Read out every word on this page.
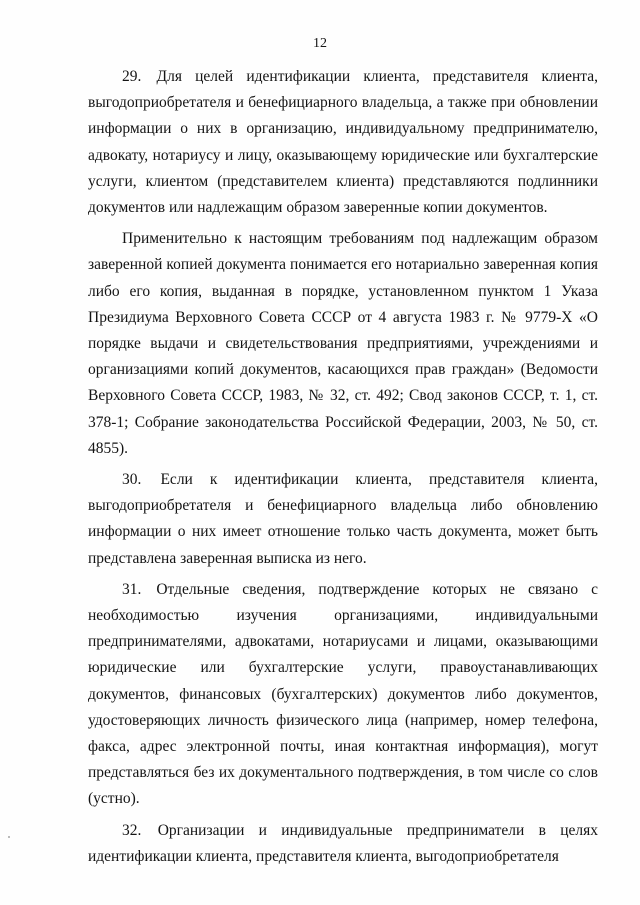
12

29. Для целей идентификации клиента, представителя клиента, выгодоприобретателя и бенефициарного владельца, а также при обновлении информации о них в организацию, индивидуальному предпринимателю, адвокату, нотариусу и лицу, оказывающему юридические или бухгалтерские услуги, клиентом (представителем клиента) представляются подлинники документов или надлежащим образом заверенные копии документов.

Применительно к настоящим требованиям под надлежащим образом заверенной копией документа понимается его нотариально заверенная копия либо его копия, выданная в порядке, установленном пунктом 1 Указа Президиума Верховного Совета СССР от 4 августа 1983 г. № 9779-Х «О порядке выдачи и свидетельствования предприятиями, учреждениями и организациями копий документов, касающихся прав граждан» (Ведомости Верховного Совета СССР, 1983, № 32, ст. 492; Свод законов СССР, т. 1, ст. 378-1; Собрание законодательства Российской Федерации, 2003, № 50, ст. 4855).

30. Если к идентификации клиента, представителя клиента, выгодоприобретателя и бенефициарного владельца либо обновлению информации о них имеет отношение только часть документа, может быть представлена заверенная выписка из него.

31. Отдельные сведения, подтверждение которых не связано с необходимостью изучения организациями, индивидуальными предпринимателями, адвокатами, нотариусами и лицами, оказывающими юридические или бухгалтерские услуги, правоустанавливающих документов, финансовых (бухгалтерских) документов либо документов, удостоверяющих личность физического лица (например, номер телефона, факса, адрес электронной почты, иная контактная информация), могут представляться без их документального подтверждения, в том числе со слов (устно).

32. Организации и индивидуальные предприниматели в целях идентификации клиента, представителя клиента, выгодоприобретателя
